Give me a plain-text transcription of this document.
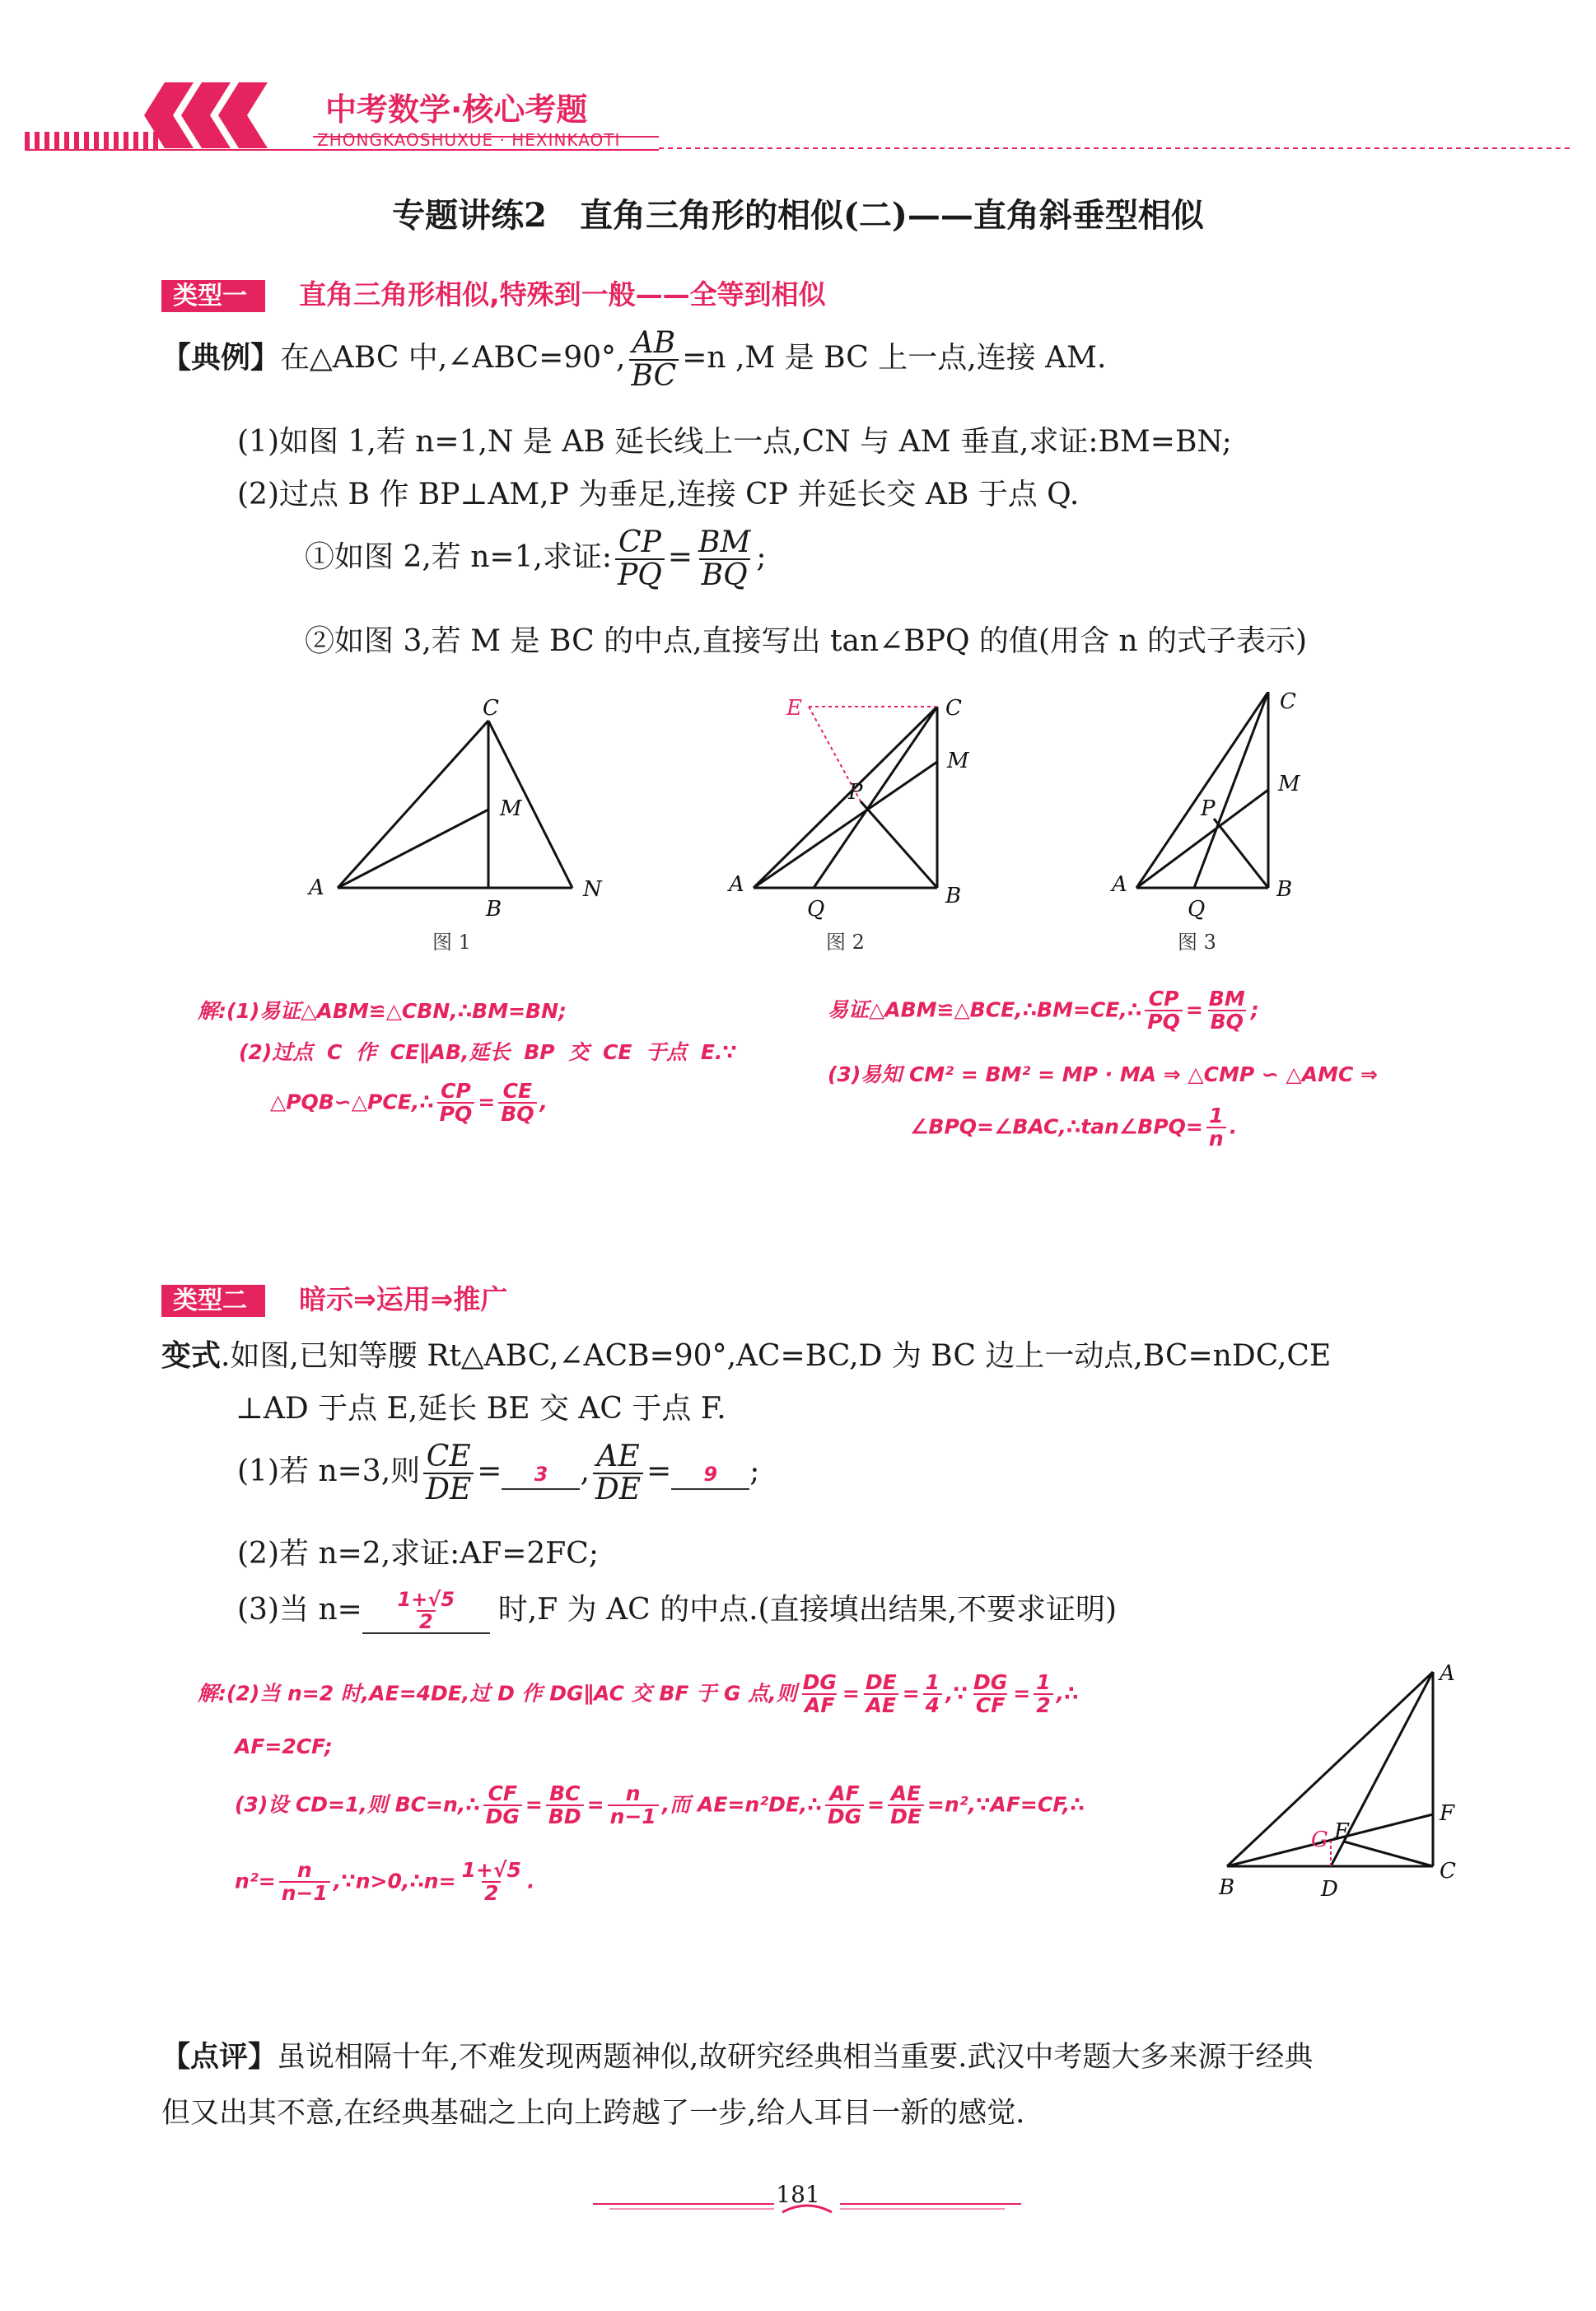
中考数学·核心考题
ZHONGKAOSHUXUE · HEXINKAOTI
专题讲练2　直角三角形的相似(二)——直角斜垂型相似
类型一 直角三角形相似,特殊到一般——全等到相似
【典例】在△ABC 中,∠ABC=90°, $\frac{AB}{BC} =n$ ,M 是 BC 上一点,连接 AM.
(1)如图 1,若 n=1,N 是 AB 延长线上一点,CN 与 AM 垂直,求证:BM=BN;
(2)过点 B 作 BP⊥AM,P 为垂足,连接 CP 并延长交 AB 于点 Q.
①如图 2,若 n=1,求证: $\frac{CP}{PQ} = \frac{BM}{BQ}$ ;
②如图 3,若 M 是 BC 的中点,直接写出 tan∠BPQ 的值(用含 n 的式子表示)
A
C
M
B
N
E	C
M
P
A
Q
B
C
M
P
A
Q
B
图 1	图 2	图 3
解:(1)易证△ABM≌△CBN,∴BM=BN;
(2)过点 C 作 CE∥AB,延长 BP 交 CE 于点 E.∵
△PQB∽△PCE,∴ $\frac{CP}{PQ} = \frac{CE}{BQ}$ ,
易证△ABM≌△BCE,∴BM=CE,∴ $\frac{CP}{PQ} = \frac{BM}{BQ}$ ;
(3)易知 CM² = BM² = MP · MA ⇒ △CMP ∽ △AMC ⇒
∠BPQ=∠BAC,∴tan∠BPQ= $\frac{1}{n}$ .
类型二 暗示⇒运用⇒推广
变式.如图,已知等腰 Rt△ABC,∠ACB=90°,AC=BC,D 为 BC 边上一动点,BC=nDC,CE
⊥AD 于点 E,延长 BE 交 AC 于点 F.
(1)若 n=3,则 $\frac{CE}{DE} = 3$ , $\frac{AE}{DE} = 9$ ;
(2)若 n=2,求证:AF=2FC;
(3)当 $n= \frac{1+√5}{2}$ 时,F 为 AC 的中点.(直接填出结果,不要求证明)
解:(2)当 n=2 时,AE=4DE,过 D 作 DG∥AC 交 BF 于 G 点,则 $\frac{DG}{AF} = \frac{DE}{AE} = \frac{1}{4}$ ,∵ $\frac{DG}{CF} = \frac{1}{2}$ ,∴
AF=2CF;
(3)设 CD=1,则 BC=n,∴ $\frac{CF}{DG} = \frac{BC}{BD} = \frac{n}{n-1}$ ,而 AE=n²DE,∴ $\frac{AF}{DG} = \frac{AE}{DE}$ =n²,∵AF=CF,∴
$n^2= \frac{n}{n-1}$ ,∵n>0,∴n= $\frac{1+√5}{2}$ .
A
F
C
B	D
E
G
【点评】虽说相隔十年,不难发现两题神似,故研究经典相当重要.武汉中考题大多来源于经典
但又出其不意,在经典基础之上向上跨越了一步,给人耳目一新的感觉.
181
